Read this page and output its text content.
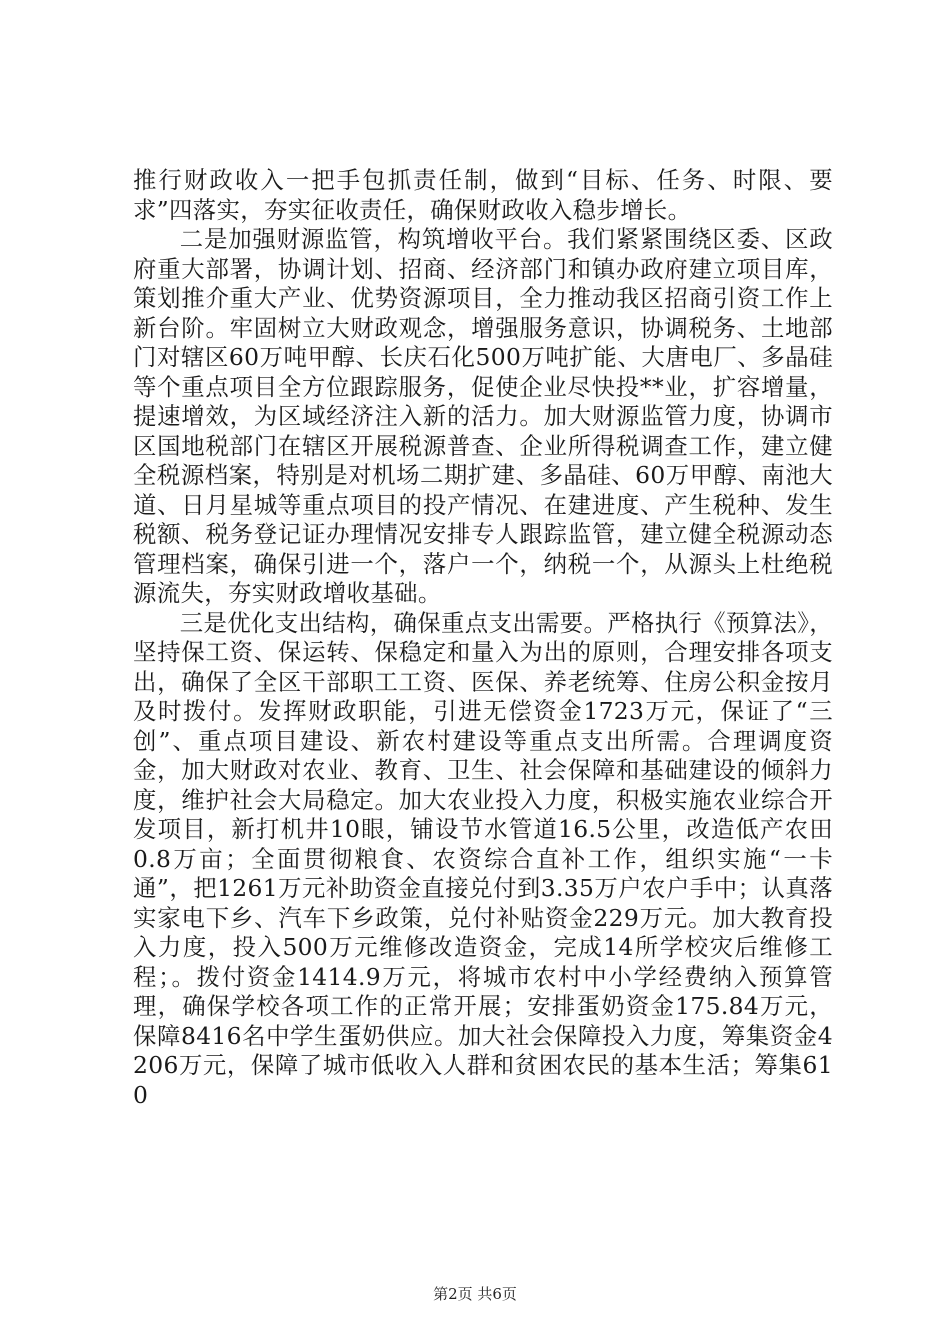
推行财政收入一把手包抓责任制，做到“目标、任务、时限、要求”四落实，夯实征收责任，确保财政收入稳步增长。

二是加强财源监管，构筑增收平台。我们紧紧围绕区委、区政府重大部署，协调计划、招商、经济部门和镇办政府建立项目库，策划推介重大产业、优势资源项目，全力推动我区招商引资工作上新台阶。牢固树立大财政观念，增强服务意识，协调税务、土地部门对辖区60万吨甲醇、长庆石化500万吨扩能、大唐电厂、多晶硅等个重点项目全方位跟踪服务，促使企业尽快投**业，扩容增量，提速增效，为区域经济注入新的活力。加大财源监管力度，协调市区国地税部门在辖区开展税源普查、企业所得税调查工作，建立健全税源档案，特别是对机场二期扩建、多晶硅、60万甲醇、南池大道、日月星城等重点项目的投产情况、在建进度、产生税种、发生税额、税务登记证办理情况安排专人跟踪监管，建立健全税源动态管理档案，确保引进一个，落户一个，纳税一个，从源头上杜绝税源流失，夯实财政增收基础。

三是优化支出结构，确保重点支出需要。严格执行《预算法》，坚持保工资、保运转、保稳定和量入为出的原则，合理安排各项支出，确保了全区干部职工工资、医保、养老统筹、住房公积金按月及时拨付。发挥财政职能，引进无偿资金1723万元，保证了“三创”、重点项目建设、新农村建设等重点支出所需。合理调度资金，加大财政对农业、教育、卫生、社会保障和基础建设的倾斜力度，维护社会大局稳定。加大农业投入力度，积极实施农业综合开发项目，新打机井10眼，铺设节水管道16.5公里，改造低产农田0.8万亩；全面贯彻粮食、农资综合直补工作，组织实施“一卡通”，把1261万元补助资金直接兑付到3.35万户农户手中；认真落实家电下乡、汽车下乡政策，兑付补贴资金229万元。加大教育投入力度，投入500万元维修改造资金，完成14所学校灾后维修工程；。拨付资金1414.9万元，将城市农村中小学经费纳入预算管理，确保学校各项工作的正常开展；安排蛋奶资金175.84万元，保障8416名中学生蛋奶供应。加大社会保障投入力度，筹集资金4206万元，保障了城市低收入人群和贫困农民的基本生活；筹集610

第2页 共6页
